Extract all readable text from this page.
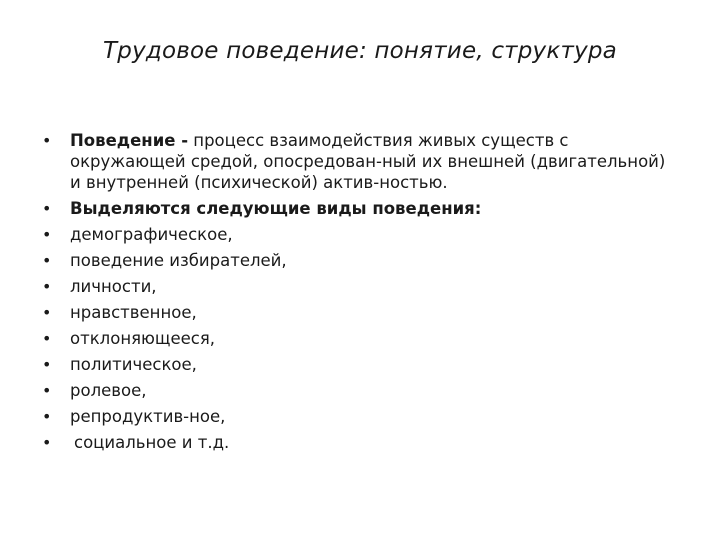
Трудовое поведение: понятие, структура
• Поведение - процесс взаимодействия живых существ с окружающей средой, опосредован-ный их внешней (двигательной) и внутренней (психической) актив-ностью.
• Выделяются следующие виды поведения:
• демографическое,
• поведение избирателей,
• личности,
• нравственное,
• отклоняющееся,
• политическое,
• ролевое,
• репродуктив-ное,
• социальное и т.д.
